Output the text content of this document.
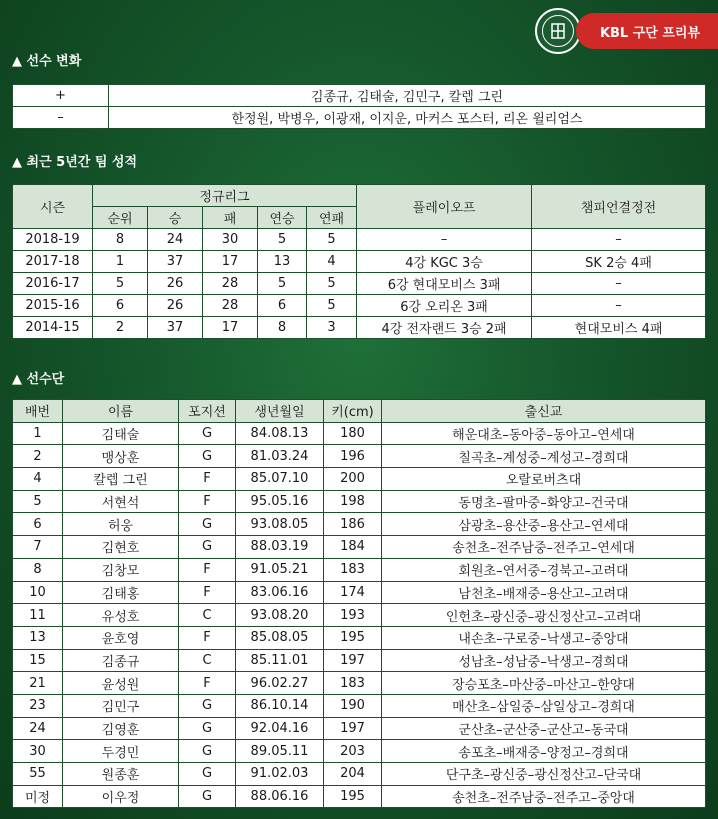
KBL 구단 프리뷰
▲ 선수 변화
+	김종규, 김태술, 김민구, 칼렙 그린
–	한정원, 박병우, 이광재, 이지운, 마커스 포스터, 리온 윌리엄스
▲ 최근 5년간 팀 성적
시즌	정규리그					플레이오프	챔피언결정전
	순위	승	패	연승	연패		
2018-19	8	24	30	5	5	–	–
2017-18	1	37	17	13	4	4강 KGC 3승	SK 2승 4패
2016-17	5	26	28	5	5	6강 현대모비스 3패	–
2015-16	6	26	28	6	5	6강 오리온 3패	–
2014-15	2	37	17	8	3	4강 전자랜드 3승 2패	현대모비스 4패
▲ 선수단
배번	이름	포지션	생년월일	키(cm)	출신교
1	김태술	G	84.08.13	180	해운대초–동아중–동아고–연세대
2	맹상훈	G	81.03.24	196	칠곡초–계성중–계성고–경희대
4	칼렙 그린	F	85.07.10	200	오랄로버츠대
5	서현석	F	95.05.16	198	동명초–팔마중–화양고–건국대
6	허웅	G	93.08.05	186	삼광초–용산중–용산고–연세대
7	김현호	G	88.03.19	184	송천초–전주남중–전주고–연세대
8	김창모	F	91.05.21	183	회원초–연서중–경북고–고려대
10	김태홍	F	83.06.16	174	남천초–배재중–용산고–고려대
11	유성호	C	93.08.20	193	인헌초–광신중–광신정산고–고려대
13	윤호영	F	85.08.05	195	내손초–구로중–낙생고–중앙대
15	김종규	C	85.11.01	197	성남초–성남중–낙생고–경희대
21	윤성원	F	96.02.27	183	장승포초–마산중–마산고–한양대
23	김민구	G	86.10.14	190	매산초–삼일중–삼일상고–경희대
24	김영훈	G	92.04.16	197	군산초–군산중–군산고–동국대
30	두경민	G	89.05.11	203	송포초–배재중–양정고–경희대
55	원종훈	G	91.02.03	204	단구초–광신중–광신정산고–단국대
미정	이우정	G	88.06.16	195	송천초–전주남중–전주고–중앙대
